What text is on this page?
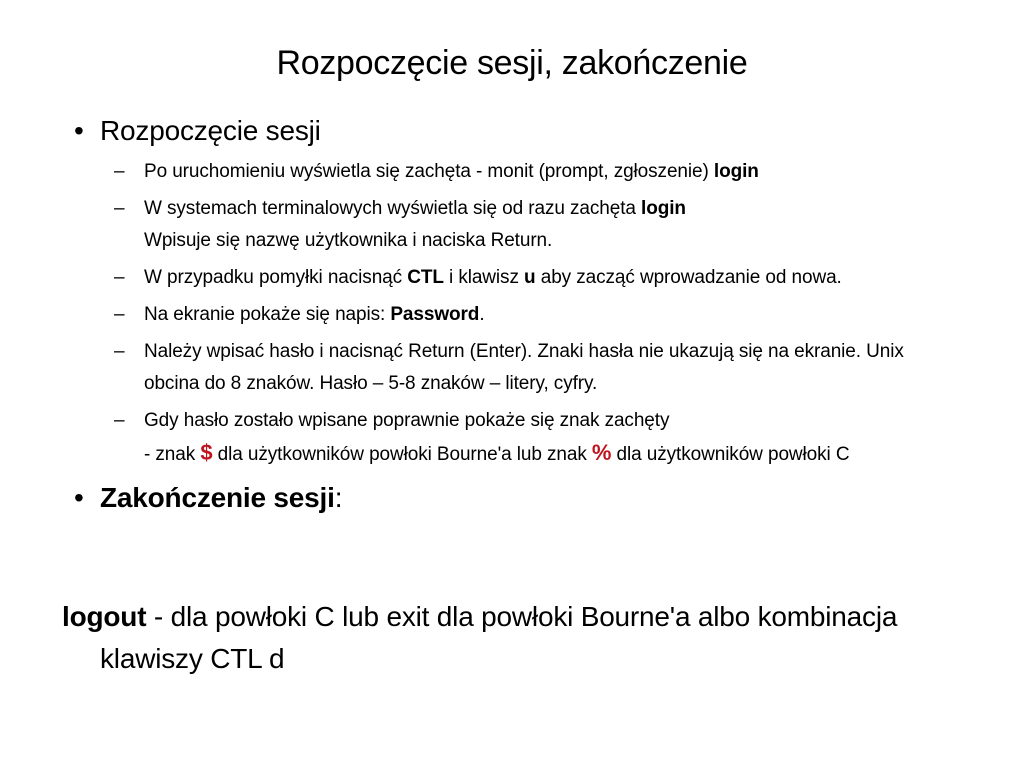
Rozpoczęcie sesji, zakończenie
• Rozpoczęcie sesji
– Po uruchomieniu wyświetla się zachęta - monit (prompt, zgłoszenie) login
– W systemach terminalowych wyświetla się od razu zachęta login
Wpisuje się nazwę użytkownika i naciska Return.
– W przypadku pomyłki nacisnąć CTL i klawisz u aby zacząć wprowadzanie od nowa.
– Na ekranie pokaże się napis: Password.
– Należy wpisać hasło i nacisnąć Return (Enter). Znaki hasła nie ukazują się na ekranie. Unix obcina do 8 znaków. Hasło – 5-8 znaków – litery, cyfry.
– Gdy hasło zostało wpisane poprawnie pokaże się znak zachęty
- znak $ dla użytkowników powłoki Bourne'a lub znak % dla użytkowników powłoki C
• Zakończenie sesji:
logout - dla powłoki C lub exit dla powłoki Bourne'a albo kombinacja klawiszy CTL d
